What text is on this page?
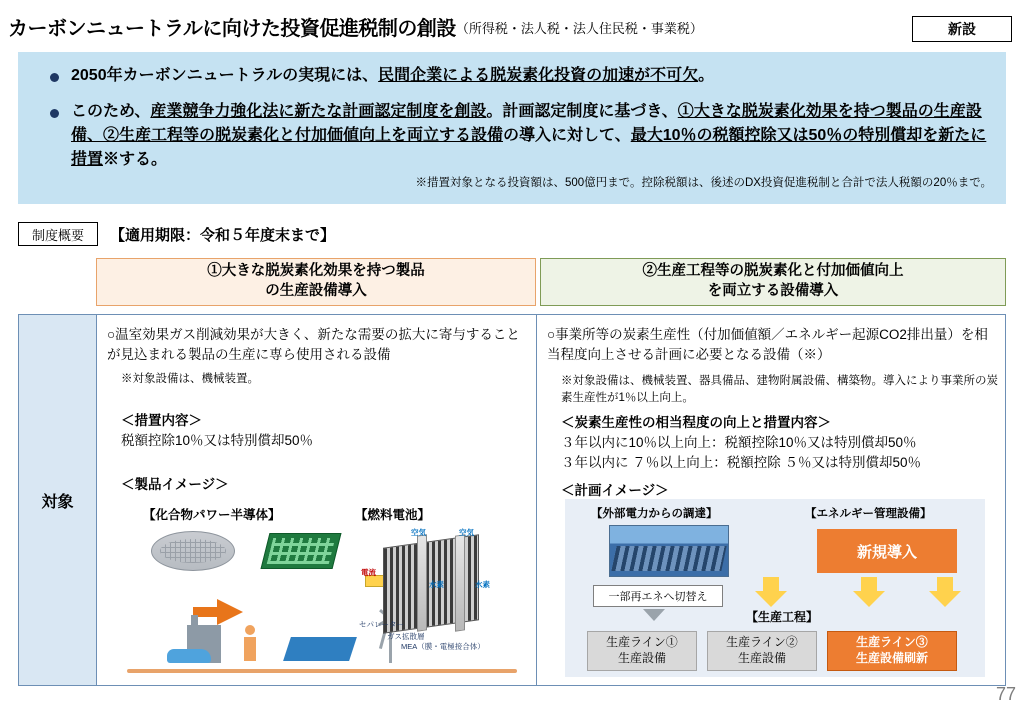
カーボンニュートラルに向けた投資促進税制の創設 （所得税・法人税・法人住民税・事業税）	新設
2050年カーボンニュートラルの実現には、民間企業による脱炭素化投資の加速が不可欠。
このため、産業競争力強化法に新たな計画認定制度を創設。計画認定制度に基づき、①大きな脱炭素化効果を持つ製品の生産設備、②生産工程等の脱炭素化と付加価値向上を両立する設備の導入に対して、最大10％の税額控除又は50％の特別償却を新たに措置※する。
※措置対象となる投資額は、500億円まで。控除税額は、後述のDX投資促進税制と合計で法人税額の20％まで。
制度概要	【適用期限：令和５年度末まで】
①大きな脱炭素化効果を持つ製品
の生産設備導入
②生産工程等の脱炭素化と付加価値向上
を両立する設備導入
対象
○温室効果ガス削減効果が大きく、新たな需要の拡大に寄与することが見込まれる製品の生産に専ら使用される設備
※対象設備は、機械装置。
＜措置内容＞
税額控除10％又は特別償却50％
＜製品イメージ＞
【化合物パワー半導体】	【燃料電池】
空気	空気
電流
水素	水素
セパレーター
ガス拡散層
MEA（膜・電極接合体）
○事業所等の炭素生産性（付加価値額／エネルギー起源CO2排出量）を相当程度向上させる計画に必要となる設備（※）
※対象設備は、機械装置、器具備品、建物附属設備、構築物。導入により事業所の炭素生産性が1％以上向上。
＜炭素生産性の相当程度の向上と措置内容＞
３年以内に10％以上向上：税額控除10％又は特別償却50％
３年以内に ７％以上向上：税額控除 ５％又は特別償却50％
＜計画イメージ＞
【外部電力からの調達】	【エネルギー管理設備】
一部再エネへ切替え
新規導入
【生産工程】
生産ライン①
生産設備
生産ライン②
生産設備
生産ライン③
生産設備刷新
77
